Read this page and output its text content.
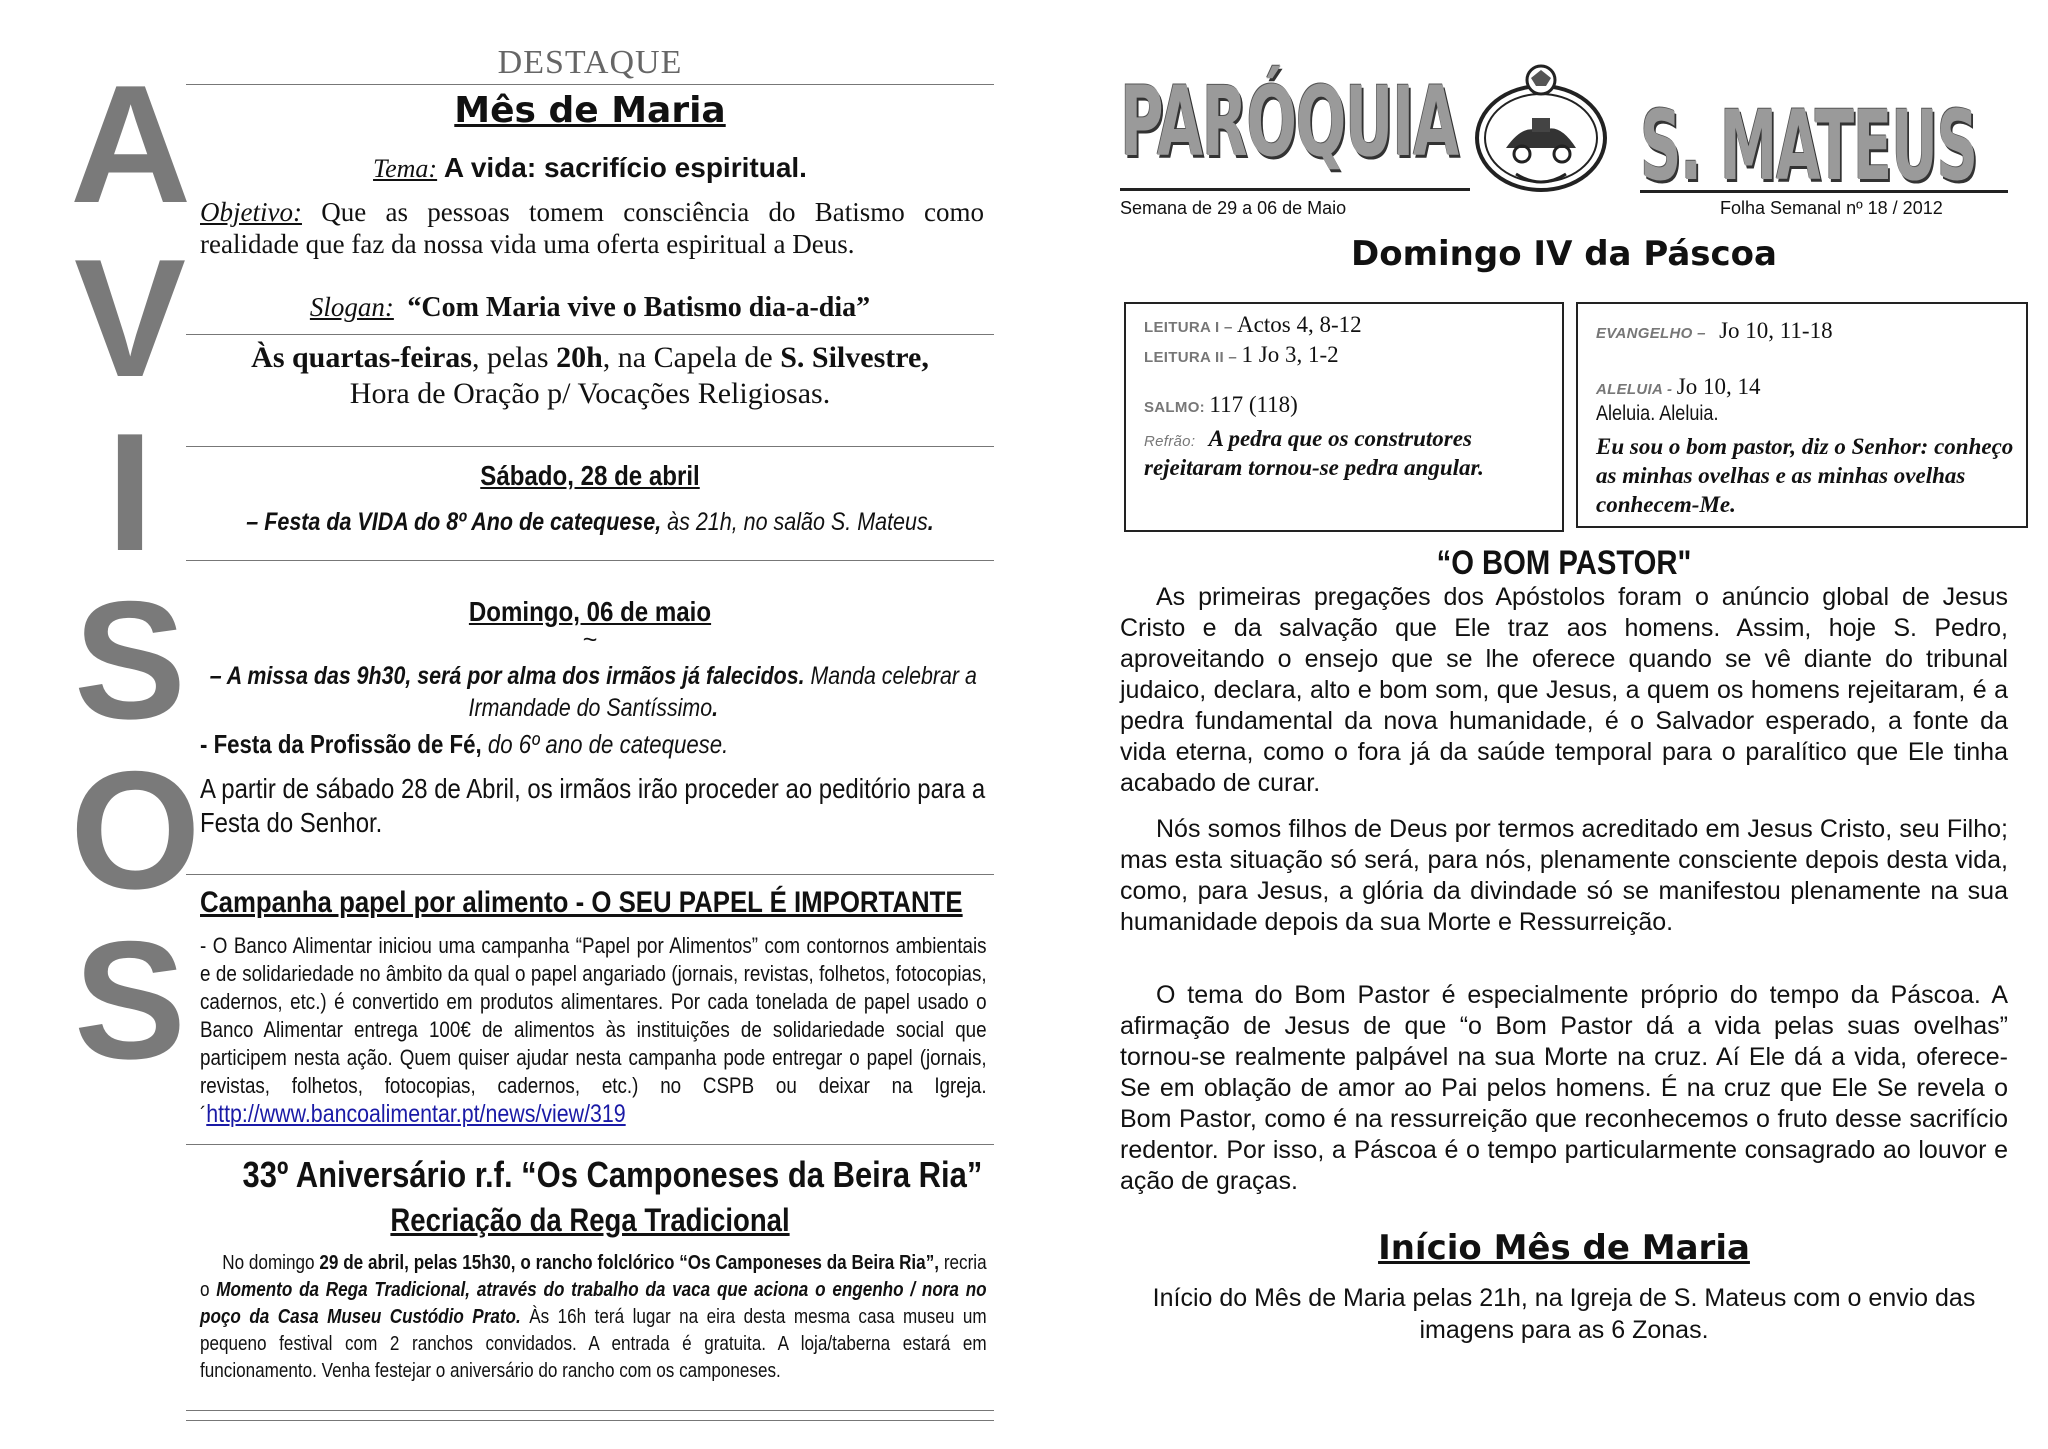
A
V
I
S
O
S
DESTAQUE
Mês de Maria
Tema: A vida: sacrifício espiritual.
Objetivo: Que as pessoas tomem consciência do Batismo como realidade que faz da nossa vida uma oferta espiritual a Deus.
Slogan: “Com Maria vive o Batismo dia-a-dia”
Às quartas-feiras, pelas 20h, na Capela de S. Silvestre,
Hora de Oração p/ Vocações Religiosas.
Sábado, 28 de abril
– Festa da VIDA do 8º Ano de catequese, às 21h, no salão S. Mateus.
Domingo, 06 de maio
~
– A missa das 9h30, será por alma dos irmãos já falecidos. Manda celebrar a Irmandade do Santíssimo.
- Festa da Profissão de Fé, do 6º ano de catequese.
A partir de sábado 28 de Abril, os irmãos irão proceder ao peditório para a Festa do Senhor.
Campanha papel por alimento - O SEU PAPEL É IMPORTANTE
- O Banco Alimentar iniciou uma campanha “Papel por Alimentos” com contornos ambientais e de solidariedade no âmbito da qual o papel angariado (jornais, revistas, folhetos, fotocopias, cadernos, etc.) é convertido em produtos alimentares. Por cada tonelada de papel usado o Banco Alimentar entrega 100€ de alimentos às instituições de solidariedade social que participem nesta ação. Quem quiser ajudar nesta campanha pode entregar o papel (jornais, revistas, folhetos, fotocopias, cadernos, etc.) no CSPB ou deixar na Igreja. ´http://www.bancoalimentar.pt/news/view/319
33º Aniversário r.f. “Os Camponeses da Beira Ria”
Recriação da Rega Tradicional
No domingo 29 de abril, pelas 15h30, o rancho folclórico “Os Camponeses da Beira Ria”, recria o Momento da Rega Tradicional, através do trabalho da vaca que aciona o engenho / nora no poço da Casa Museu Custódio Prato. Às 16h terá lugar na eira desta mesma casa museu um pequeno festival com 2 ranchos convidados. A entrada é gratuita. A loja/taberna estará em funcionamento. Venha festejar o aniversário do rancho com os camponeses.
PARÓQUIA S. MATEUS
Semana de 29 a 06 de Maio	Folha Semanal nº 18 / 2012
Domingo IV da Páscoa
LEITURA I – Actos 4, 8-12
LEITURA II – 1 Jo 3, 1-2
SALMO: 117 (118)
Refrão: A pedra que os construtores rejeitaram tornou-se pedra angular.
EVANGELHO – Jo 10, 11-18
ALELUIA - Jo 10, 14
Aleluia. Aleluia.
Eu sou o bom pastor, diz o Senhor: conheço as minhas ovelhas e as minhas ovelhas conhecem-Me.
“O BOM PASTOR"
As primeiras pregações dos Apóstolos foram o anúncio global de Jesus Cristo e da salvação que Ele traz aos homens. Assim, hoje S. Pedro, aproveitando o ensejo que se lhe oferece quando se vê diante do tribunal judaico, declara, alto e bom som, que Jesus, a quem os homens rejeitaram, é a pedra fundamental da nova humanidade, é o Salvador esperado, a fonte da vida eterna, como o fora já da saúde temporal para o paralítico que Ele tinha acabado de curar.
Nós somos filhos de Deus por termos acreditado em Jesus Cristo, seu Filho; mas esta situação só será, para nós, plenamente consciente depois desta vida, como, para Jesus, a glória da divindade só se manifestou plenamente na sua humanidade depois da sua Morte e Ressurreição.
O tema do Bom Pastor é especialmente próprio do tempo da Páscoa. A afirmação de Jesus de que “o Bom Pastor dá a vida pelas suas ovelhas” tornou-se realmente palpável na sua Morte na cruz. Aí Ele dá a vida, oferece-Se em oblação de amor ao Pai pelos homens. É na cruz que Ele Se revela o Bom Pastor, como é na ressurreição que reconhecemos o fruto desse sacrifício redentor. Por isso, a Páscoa é o tempo particularmente consagrado ao louvor e ação de graças.
Início Mês de Maria
Início do Mês de Maria pelas 21h, na Igreja de S. Mateus com o envio das imagens para as 6 Zonas.
